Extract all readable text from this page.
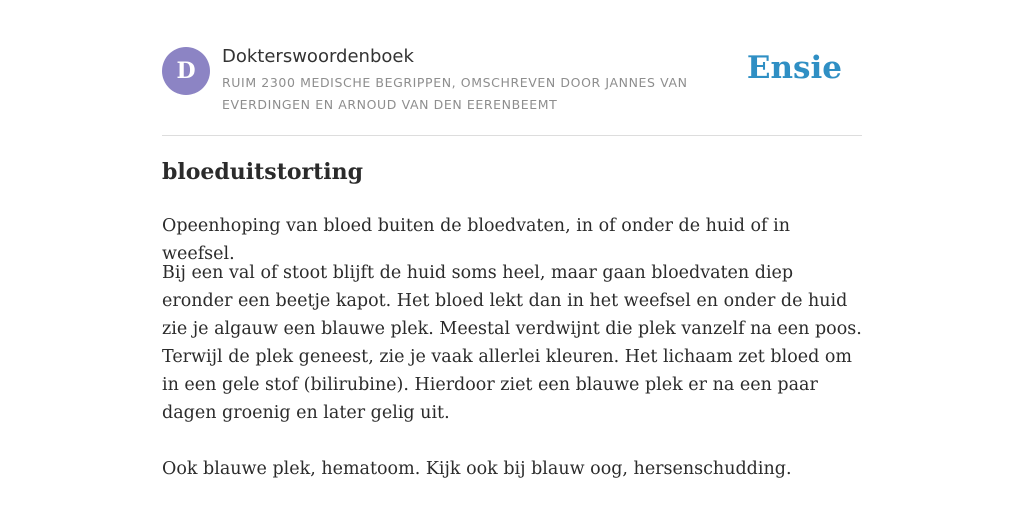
D
Dokterswoordenboek
RUIM 2300 MEDISCHE BEGRIPPEN, OMSCHREVEN DOOR JANNES VAN EVERDINGEN EN ARNOUD VAN DEN EERENBEEMT
Ensie
bloeduitstorting

Opeenhoping van bloed buiten de bloedvaten, in of onder de huid of in weefsel.

Bij een val of stoot blijft de huid soms heel, maar gaan bloedvaten diep eronder een beetje kapot. Het bloed lekt dan in het weefsel en onder de huid zie je algauw een blauwe plek. Meestal verdwijnt die plek vanzelf na een poos. Terwijl de plek geneest, zie je vaak allerlei kleuren. Het lichaam zet bloed om in een gele stof (bilirubine). Hierdoor ziet een blauwe plek er na een paar dagen groenig en later gelig uit.

Ook blauwe plek, hematoom. Kijk ook bij blauw oog, hersenschudding.
